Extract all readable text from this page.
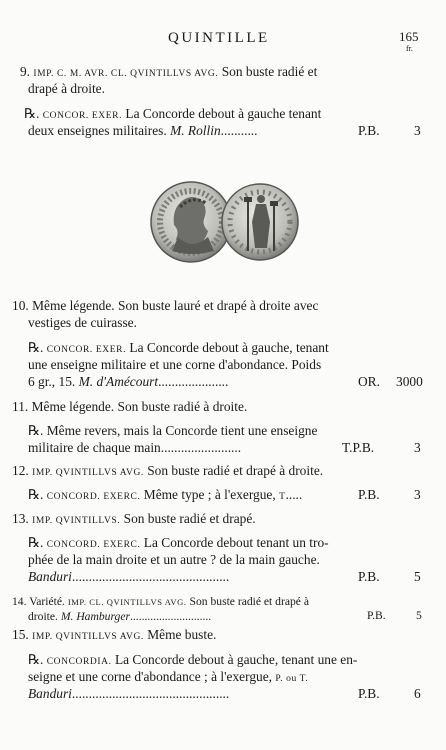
QUINTILLE	165
fr.
9. IMP. C. M. AVR. CL. QVINTILLVS AVG. Son buste radié et
drapé à droite.
℞. CONCOR. EXER. La Concorde debout à gauche tenant
deux enseignes militaires. M. Rollin...........	P.B.	3
10. Même légende. Son buste lauré et drapé à droite avec
vestiges de cuirasse.
℞. CONCOR. EXER. La Concorde debout à gauche, tenant
une enseigne militaire et une corne d'abondance. Poids
6 gr., 15. M. d'Amécourt.....................	OR. 3000
11. Même légende. Son buste radié à droite.
℞. Même revers, mais la Concorde tient une enseigne
militaire de chaque main........................	T.P.B.	3
12. IMP. QVINTILLVS AVG. Son buste radié et drapé à droite.
℞. CONCORD. EXERC. Même type ; à l'exergue, T.....	P.B.	3
13. IMP. QVINTILLVS. Son buste radié et drapé.
℞. CONCORD. EXERC. La Concorde debout tenant un tro-
phée de la main droite et un autre ? de la main gauche.
Banduri...............................................	P.B.	5
14. Variété. IMP. CL. QVINTILLVS AVG. Son buste radié et drapé à
droite. M. Hamburger............................	P.B.	5
15. IMP. QVINTILLVS AVG. Même buste.
℞. CONCORDIA. La Concorde debout à gauche, tenant une en-
seigne et une corne d'abondance ; à l'exergue, P. ou T.
Banduri...............................................	P.B.	6
